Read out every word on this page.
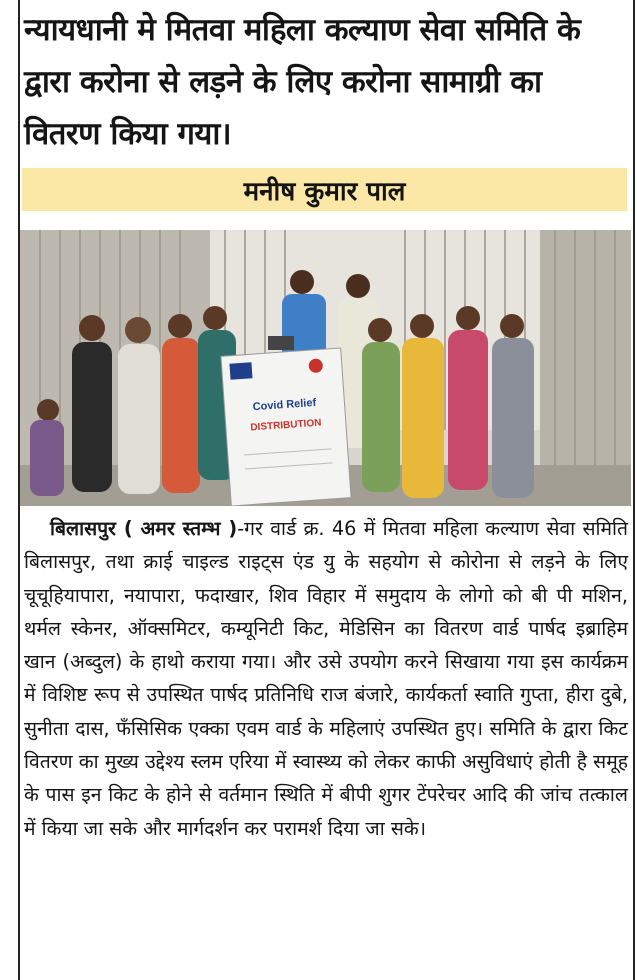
न्यायधानी मे मितवा महिला कल्याण सेवा समिति के द्वारा करोना से लड़ने के लिए करोना सामाग्री का वितरण किया गया।
मनीष कुमार पाल
Covid Relief
DISTRIBUTION

बिलासपुर ( अमर स्तम्भ )-गर वार्ड क्र. 46 में मितवा महिला कल्याण सेवा समिति बिलासपुर, तथा क्राई चाइल्ड राइट्स एंड यु के सहयोग से कोरोना से लड़ने के लिए चूचूहियापारा, नयापारा, फदाखार, शिव विहार में समुदाय के लोगो को बी पी मशिन, थर्मल स्केनर, ऑक्समिटर, कम्यूनिटी किट, मेडिसिन का वितरण वार्ड पार्षद इब्राहिम खान (अब्दुल) के हाथो कराया गया। और उसे उपयोग करने सिखाया गया इस कार्यक्रम में विशिष्ट रूप से उपस्थित पार्षद प्रतिनिधि राज बंजारे, कार्यकर्ता स्वाति गुप्ता, हीरा दुबे, सुनीता दास, फँसिसिक एक्का एवम वार्ड के महिलाएं उपस्थित हुए। समिति के द्वारा किट वितरण का मुख्य उद्देश्य स्लम एरिया में स्वास्थ्य को लेकर काफी असुविधाएं होती है समूह के पास इन किट के होने से वर्तमान स्थिति में बीपी शुगर टेंपरेचर आदि की जांच तत्काल में किया जा सके और मार्गदर्शन कर परामर्श दिया जा सके।
